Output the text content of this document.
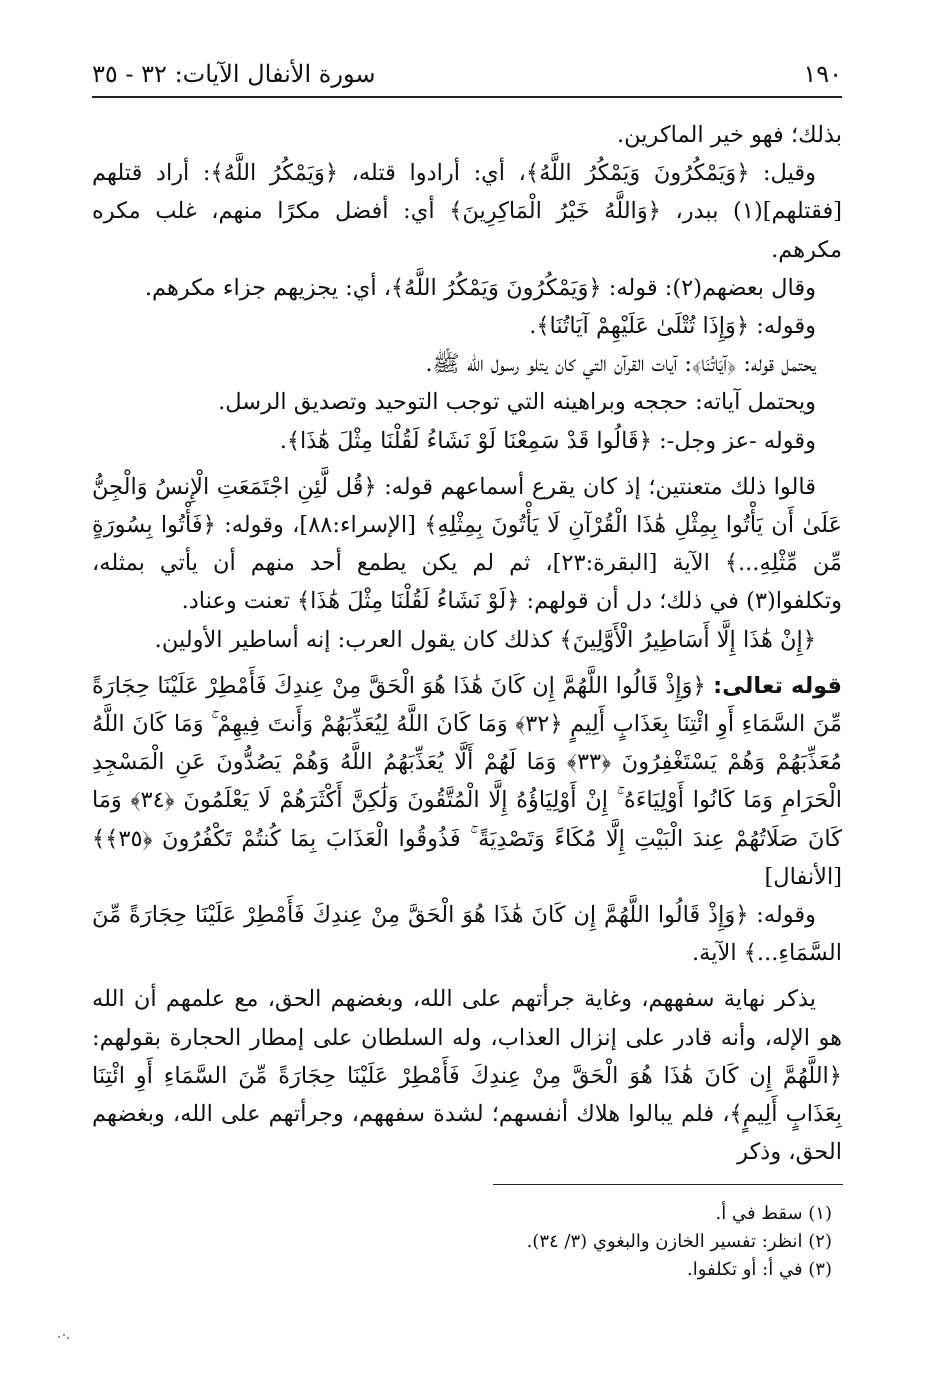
١٩٠
سورة الأنفال الآيات: ٣٢ - ٣٥

بذلك؛ فهو خير الماكرين.

وقيل: ﴿وَيَمْكُرُونَ وَيَمْكُرُ اللَّهُ﴾، أي: أرادوا قتله، ﴿وَيَمْكُرُ اللَّهُ﴾: أراد قتلهم [فقتلهم](١) ببدر، ﴿وَاللَّهُ خَيْرُ الْمَاكِرِينَ﴾ أي: أفضل مكرًا منهم، غلب مكره مكرهم.

وقال بعضهم(٢): قوله: ﴿وَيَمْكُرُونَ وَيَمْكُرُ اللَّهُ﴾، أي: يجزيهم جزاء مكرهم.

وقوله: ﴿وَإِذَا تُتْلَىٰ عَلَيْهِمْ آيَاتُنَا﴾.

يحتمل قوله: ﴿آيَاتُنَا﴾: آيات القرآن التي كان يتلو رسول الله ﷺ.

ويحتمل آياته: حججه وبراهينه التي توجب التوحيد وتصديق الرسل.

وقوله -عز وجل-: ﴿قَالُوا قَدْ سَمِعْنَا لَوْ نَشَاءُ لَقُلْنَا مِثْلَ هَٰذَا﴾.

قالوا ذلك متعنتين؛ إذ كان يقرع أسماعهم قوله: ﴿قُل لَّئِنِ اجْتَمَعَتِ الْإِنسُ وَالْجِنُّ عَلَىٰ أَن يَأْتُوا بِمِثْلِ هَٰذَا الْقُرْآنِ لَا يَأْتُونَ بِمِثْلِهِ﴾ [الإسراء:٨٨]، وقوله: ﴿فَأْتُوا بِسُورَةٍ مِّن مِّثْلِهِ...﴾ الآية [البقرة:٢٣]، ثم لم يكن يطمع أحد منهم أن يأتي بمثله، وتكلفوا(٣) في ذلك؛ دل أن قولهم: ﴿لَوْ نَشَاءُ لَقُلْنَا مِثْلَ هَٰذَا﴾ تعنت وعناد.

﴿إِنْ هَٰذَا إِلَّا أَسَاطِيرُ الْأَوَّلِينَ﴾ كذلك كان يقول العرب: إنه أساطير الأولين.

قوله تعالى: ﴿وَإِذْ قَالُوا اللَّهُمَّ إِن كَانَ هَٰذَا هُوَ الْحَقَّ مِنْ عِندِكَ فَأَمْطِرْ عَلَيْنَا حِجَارَةً مِّنَ السَّمَاءِ أَوِ ائْتِنَا بِعَذَابٍ أَلِيمٍ ﴿٣٢﴾ وَمَا كَانَ اللَّهُ لِيُعَذِّبَهُمْ وَأَنتَ فِيهِمْ ۚ وَمَا كَانَ اللَّهُ مُعَذِّبَهُمْ وَهُمْ يَسْتَغْفِرُونَ ﴿٣٣﴾ وَمَا لَهُمْ أَلَّا يُعَذِّبَهُمُ اللَّهُ وَهُمْ يَصُدُّونَ عَنِ الْمَسْجِدِ الْحَرَامِ وَمَا كَانُوا أَوْلِيَاءَهُ ۚ إِنْ أَوْلِيَاؤُهُ إِلَّا الْمُتَّقُونَ وَلَٰكِنَّ أَكْثَرَهُمْ لَا يَعْلَمُونَ ﴿٣٤﴾ وَمَا كَانَ صَلَاتُهُمْ عِندَ الْبَيْتِ إِلَّا مُكَاءً وَتَصْدِيَةً ۚ فَذُوقُوا الْعَذَابَ بِمَا كُنتُمْ تَكْفُرُونَ ﴿٣٥﴾﴾ [الأنفال]

وقوله: ﴿وَإِذْ قَالُوا اللَّهُمَّ إِن كَانَ هَٰذَا هُوَ الْحَقَّ مِنْ عِندِكَ فَأَمْطِرْ عَلَيْنَا حِجَارَةً مِّنَ السَّمَاءِ...﴾ الآية.

يذكر نهاية سفههم، وغاية جرأتهم على الله، وبغضهم الحق، مع علمهم أن الله هو الإله، وأنه قادر على إنزال العذاب، وله السلطان على إمطار الحجارة بقولهم: ﴿اللَّهُمَّ إِن كَانَ هَٰذَا هُوَ الْحَقَّ مِنْ عِندِكَ فَأَمْطِرْ عَلَيْنَا حِجَارَةً مِّنَ السَّمَاءِ أَوِ ائْتِنَا بِعَذَابٍ أَلِيمٍ﴾، فلم يبالوا هلاك أنفسهم؛ لشدة سفههم، وجرأتهم على الله، وبغضهم الحق، وذكر

(١) سقط في أ.
(٢) انظر: تفسير الخازن والبغوي (٣/ ٣٤).
(٣) في أ: أو تكلفوا.
